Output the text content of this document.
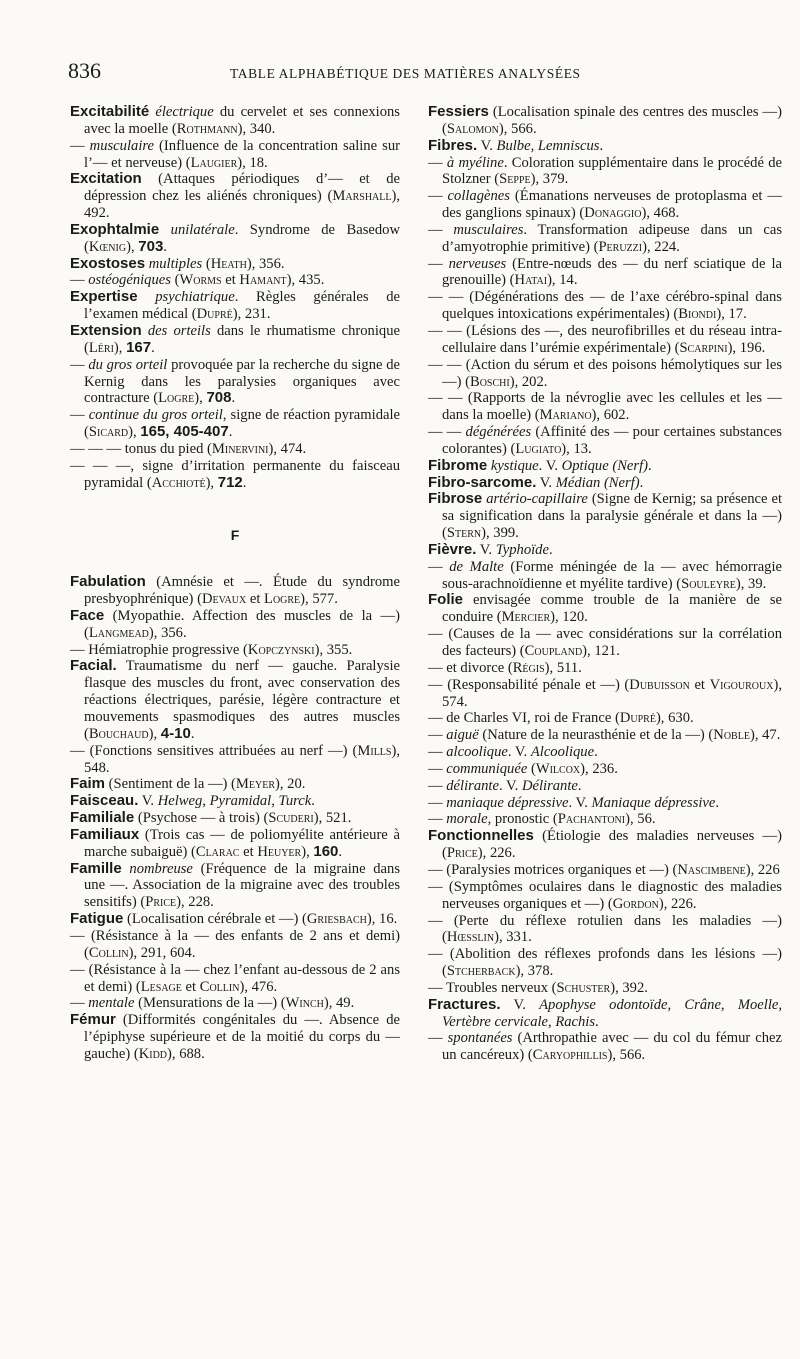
836	TABLE ALPHABÉTIQUE DES MATIÈRES ANALYSÉES

Excitabilité électrique du cervelet et ses connexions avec la moelle (Rothmann), 340.

— musculaire (Influence de la concentration saline sur l’— et nerveuse) (Laugier), 18.

Excitation (Attaques périodiques d’— et de dépression chez les aliénés chroniques) (Marshall), 492.

Exophtalmie unilatérale. Syndrome de Basedow (Kœnig), 703.

Exostoses multiples (Heath), 356.

— ostéogéniques (Worms et Hamant), 435.

Expertise psychiatrique. Règles générales de l’examen médical (Dupré), 231.

Extension des orteils dans le rhumatisme chronique (Léri), 167.

— du gros orteil provoquée par la recherche du signe de Kernig dans les paralysies organiques avec contracture (Logre), 708.

— continue du gros orteil, signe de réaction pyramidale (Sicard), 165, 405-407.

— — — tonus du pied (Minervini), 474.

— — —, signe d’irritation permanente du faisceau pyramidal (Acchioté), 712.

F

Fabulation (Amnésie et —. Étude du syndrome presbyophrénique) (Devaux et Logre), 577.

Face (Myopathie. Affection des muscles de la —) (Langmead), 356.

— Hémiatrophie progressive (Kopczynski), 355.

Facial. Traumatisme du nerf — gauche. Paralysie flasque des muscles du front, avec conservation des réactions électriques, parésie, légère contracture et mouvements spasmodiques des autres muscles (Bouchaud), 4-10.

— (Fonctions sensitives attribuées au nerf —) (Mills), 548.

Faim (Sentiment de la —) (Meyer), 20.

Faisceau. V. Helweg, Pyramidal, Turck.

Familiale (Psychose — à trois) (Scuderi), 521.

Familiaux (Trois cas — de poliomyélite antérieure à marche subaiguë) (Clarac et Heuyer), 160.

Famille nombreuse (Fréquence de la migraine dans une —. Association de la migraine avec des troubles sensitifs) (Price), 228.

Fatigue (Localisation cérébrale et —) (Griesbach), 16.

— (Résistance à la — des enfants de 2 ans et demi) (Collin), 291, 604.

— (Résistance à la — chez l’enfant au-dessous de 2 ans et demi) (Lesage et Collin), 476.

— mentale (Mensurations de la —) (Winch), 49.

Fémur (Difformités congénitales du —. Absence de l’épiphyse supérieure et de la moitié du corps du — gauche) (Kidd), 688.

Fessiers (Localisation spinale des centres des muscles —) (Salomon), 566.

Fibres. V. Bulbe, Lemniscus.

— à myéline. Coloration supplémentaire dans le procédé de Stolzner (Seppe), 379.

— collagènes (Émanations nerveuses de protoplasma et — des ganglions spinaux) (Donaggio), 468.

— musculaires. Transformation adipeuse dans un cas d’amyotrophie primitive) (Peruzzi), 224.

— nerveuses (Entre-nœuds des — du nerf sciatique de la grenouille) (Hatai), 14.

— — (Dégénérations des — de l’axe cérébro-spinal dans quelques intoxications expérimentales) (Biondi), 17.

— — (Lésions des —, des neurofibrilles et du réseau intra-cellulaire dans l’urémie expérimentale) (Scarpini), 196.

— — (Action du sérum et des poisons hémolytiques sur les —) (Boschi), 202.

— — (Rapports de la névroglie avec les cellules et les — dans la moelle) (Mariano), 602.

— — dégénérées (Affinité des — pour certaines substances colorantes) (Lugiato), 13.

Fibrome kystique. V. Optique (Nerf).

Fibro-sarcome. V. Médian (Nerf).

Fibrose artério-capillaire (Signe de Kernig; sa présence et sa signification dans la paralysie générale et dans la —) (Stern), 399.

Fièvre. V. Typhoïde.

— de Malte (Forme méningée de la — avec hémorragie sous-arachnoïdienne et myélite tardive) (Souleyre), 39.

Folie envisagée comme trouble de la manière de se conduire (Mercier), 120.

— (Causes de la — avec considérations sur la corrélation des facteurs) (Coupland), 121.

— et divorce (Régis), 511.

— (Responsabilité pénale et —) (Dubuisson et Vigouroux), 574.

— de Charles VI, roi de France (Dupré), 630.

— aiguë (Nature de la neurasthénie et de la —) (Noble), 47.

— alcoolique. V. Alcoolique.

— communiquée (Wilcox), 236.

— délirante. V. Délirante.

— maniaque dépressive. V. Maniaque dépressive.

— morale, pronostic (Pachantoni), 56.

Fonctionnelles (Étiologie des maladies nerveuses —) (Price), 226.

— (Paralysies motrices organiques et —) (Nascimbene), 226

— (Symptômes oculaires dans le diagnostic des maladies nerveuses organiques et —) (Gordon), 226.

— (Perte du réflexe rotulien dans les maladies —) (Hœsslin), 331.

— (Abolition des réflexes profonds dans les lésions —) (Stcherback), 378.

— Troubles nerveux (Schuster), 392.

Fractures. V. Apophyse odontoïde, Crâne, Moelle, Vertèbre cervicale, Rachis.

— spontanées (Arthropathie avec — du col du fémur chez un cancéreux) (Caryophillis), 566.
